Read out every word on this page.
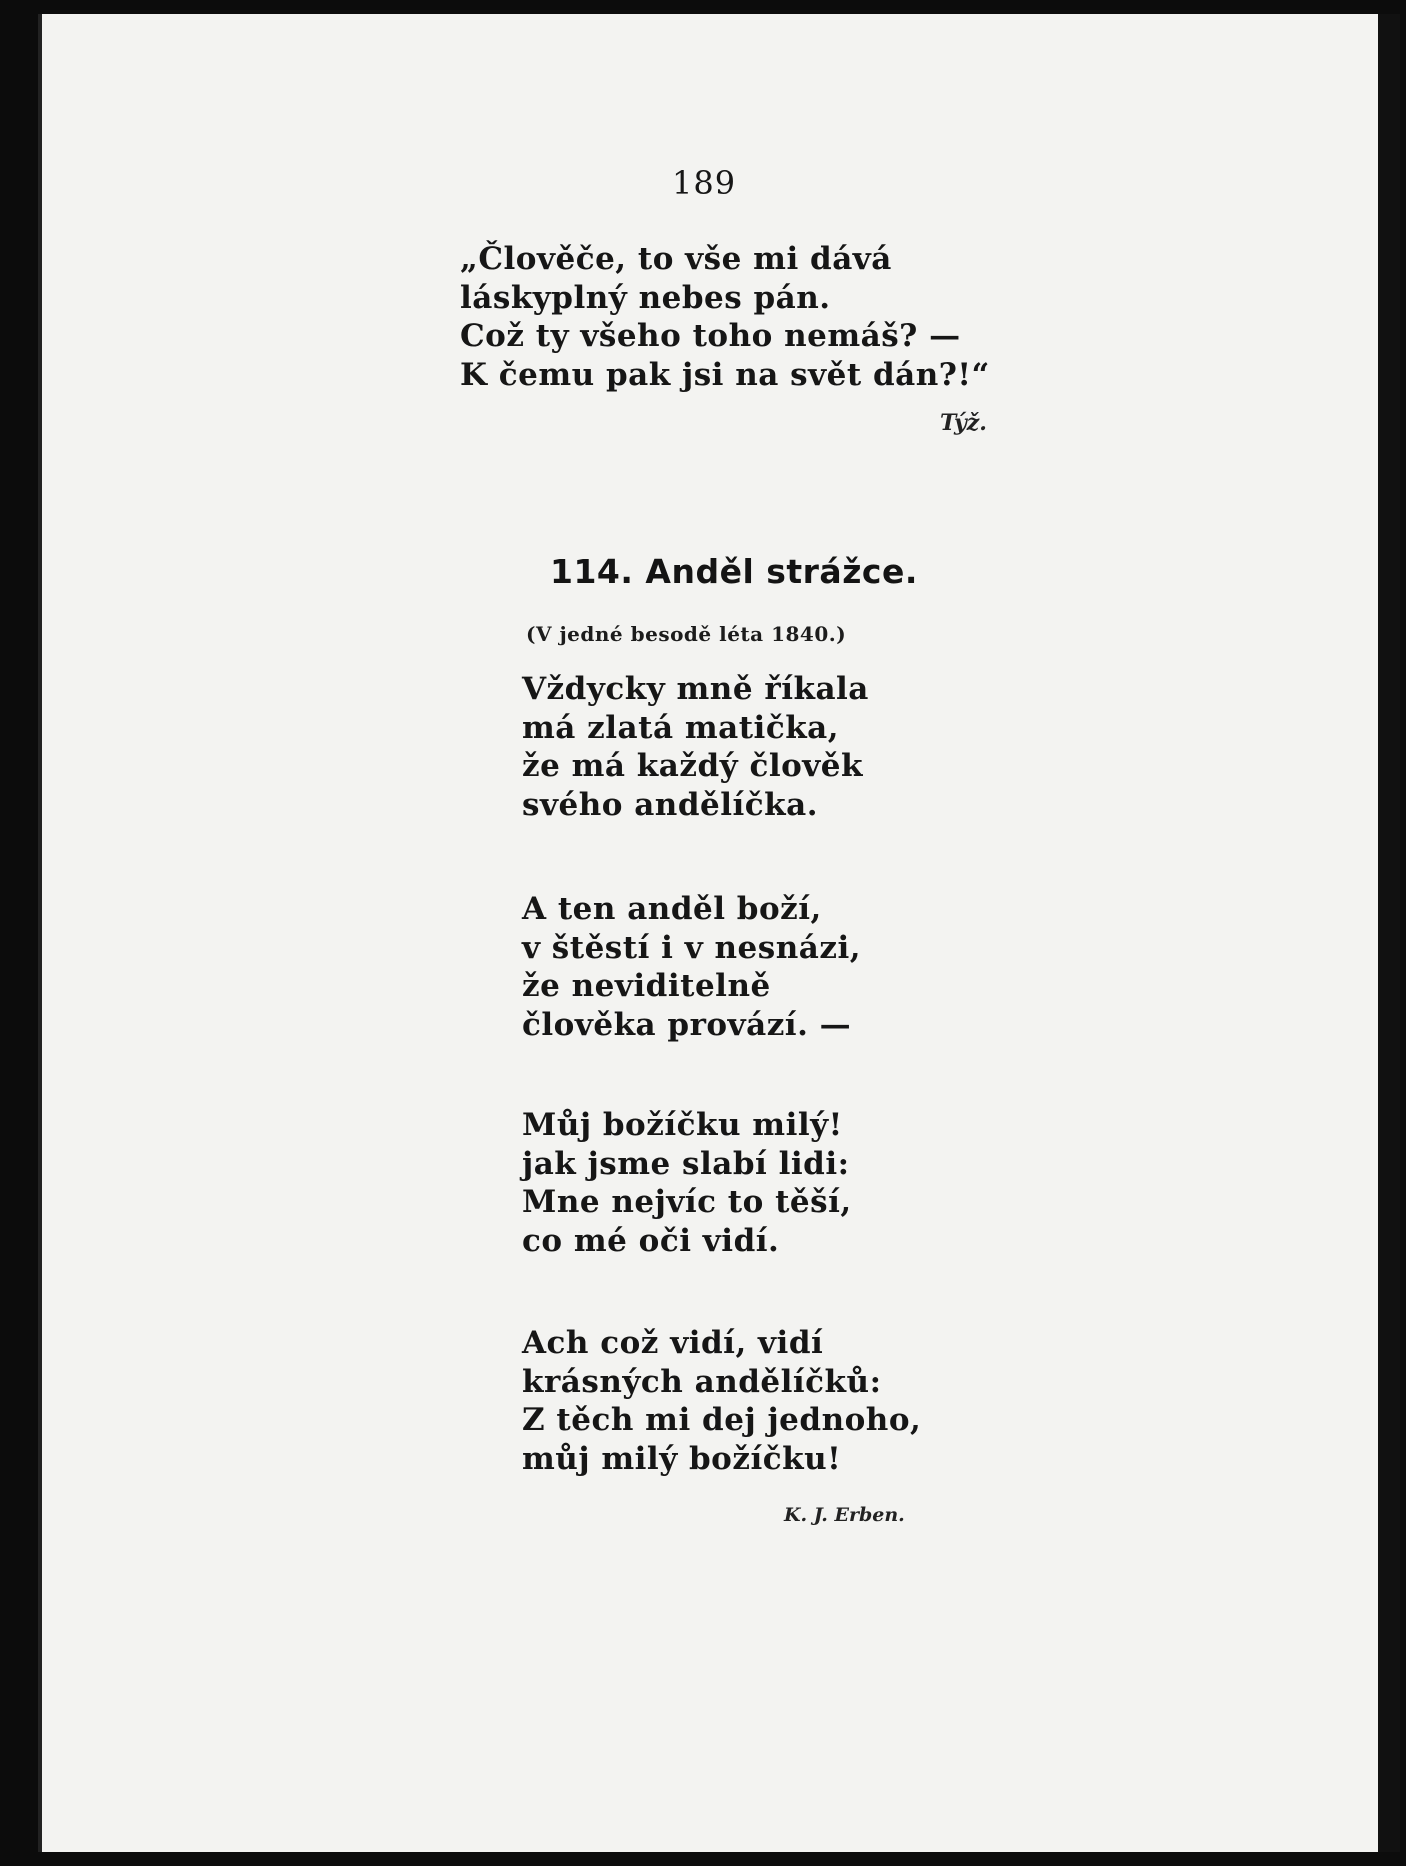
189
„Člověče, to vše mi dává
láskyplný nebes pán.
Což ty všeho toho nemáš? —
K čemu pak jsi na svět dán?!“
Týž.
114. Anděl strážce.
(V jedné besodě léta 1840.)
Vždycky mně říkala
má zlatá matička,
že má každý člověk
svého andělíčka.
A ten anděl boží,
v štěstí i v nesnázi,
že neviditelně
člověka provází. —
Můj božíčku milý!
jak jsme slabí lidi:
Mne nejvíc to těší,
co mé oči vidí.
Ach což vidí, vidí
krásných andělíčků:
Z těch mi dej jednoho,
můj milý božíčku!
K. J. Erben.
